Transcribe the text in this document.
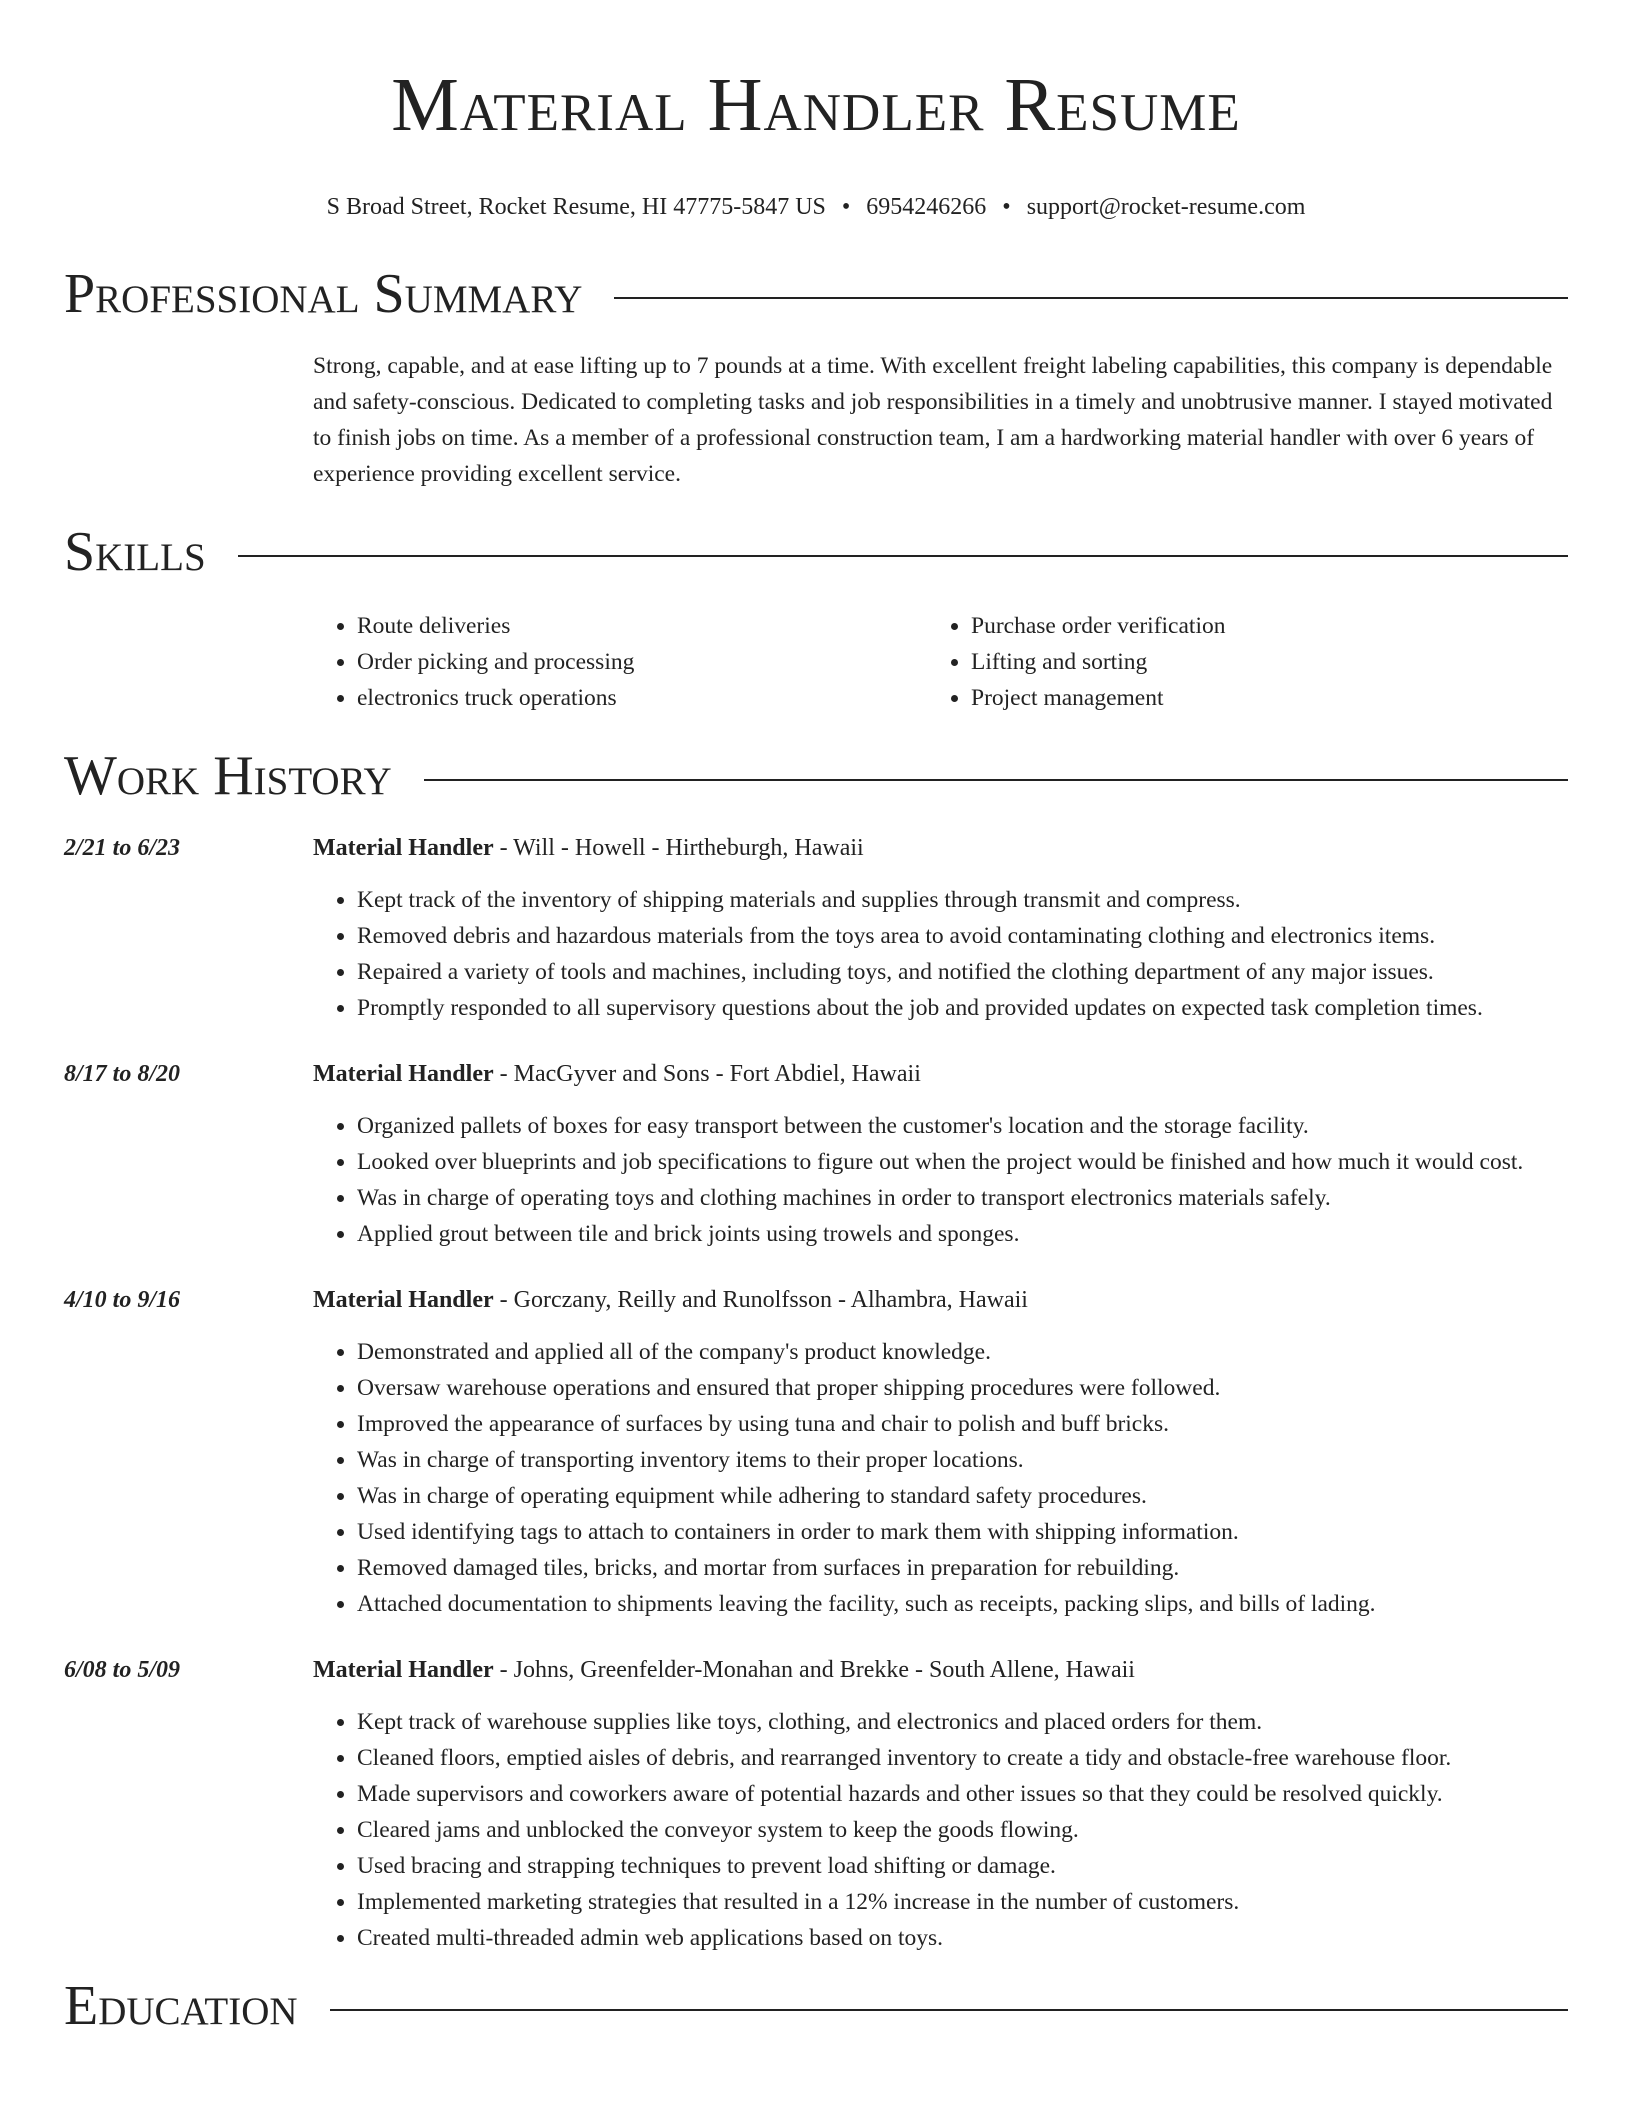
Material Handler Resume
S Broad Street, Rocket Resume, HI 47775-5847 US • 6954246266 • support@rocket-resume.com
Professional Summary
Strong, capable, and at ease lifting up to 7 pounds at a time. With excellent freight labeling capabilities, this company is dependable and safety-conscious. Dedicated to completing tasks and job responsibilities in a timely and unobtrusive manner. I stayed motivated to finish jobs on time. As a member of a professional construction team, I am a hardworking material handler with over 6 years of experience providing excellent service.
Skills
• Route deliveries
• Order picking and processing
• electronics truck operations
• Purchase order verification
• Lifting and sorting
• Project management
Work History
2/21 to 6/23	Material Handler - Will - Howell - Hirtheburgh, Hawaii
• Kept track of the inventory of shipping materials and supplies through transmit and compress.
• Removed debris and hazardous materials from the toys area to avoid contaminating clothing and electronics items.
• Repaired a variety of tools and machines, including toys, and notified the clothing department of any major issues.
• Promptly responded to all supervisory questions about the job and provided updates on expected task completion times.
8/17 to 8/20	Material Handler - MacGyver and Sons - Fort Abdiel, Hawaii
• Organized pallets of boxes for easy transport between the customer's location and the storage facility.
• Looked over blueprints and job specifications to figure out when the project would be finished and how much it would cost.
• Was in charge of operating toys and clothing machines in order to transport electronics materials safely.
• Applied grout between tile and brick joints using trowels and sponges.
4/10 to 9/16	Material Handler - Gorczany, Reilly and Runolfsson - Alhambra, Hawaii
• Demonstrated and applied all of the company's product knowledge.
• Oversaw warehouse operations and ensured that proper shipping procedures were followed.
• Improved the appearance of surfaces by using tuna and chair to polish and buff bricks.
• Was in charge of transporting inventory items to their proper locations.
• Was in charge of operating equipment while adhering to standard safety procedures.
• Used identifying tags to attach to containers in order to mark them with shipping information.
• Removed damaged tiles, bricks, and mortar from surfaces in preparation for rebuilding.
• Attached documentation to shipments leaving the facility, such as receipts, packing slips, and bills of lading.
6/08 to 5/09	Material Handler - Johns, Greenfelder-Monahan and Brekke - South Allene, Hawaii
• Kept track of warehouse supplies like toys, clothing, and electronics and placed orders for them.
• Cleaned floors, emptied aisles of debris, and rearranged inventory to create a tidy and obstacle-free warehouse floor.
• Made supervisors and coworkers aware of potential hazards and other issues so that they could be resolved quickly.
• Cleared jams and unblocked the conveyor system to keep the goods flowing.
• Used bracing and strapping techniques to prevent load shifting or damage.
• Implemented marketing strategies that resulted in a 12% increase in the number of customers.
• Created multi-threaded admin web applications based on toys.
Education
